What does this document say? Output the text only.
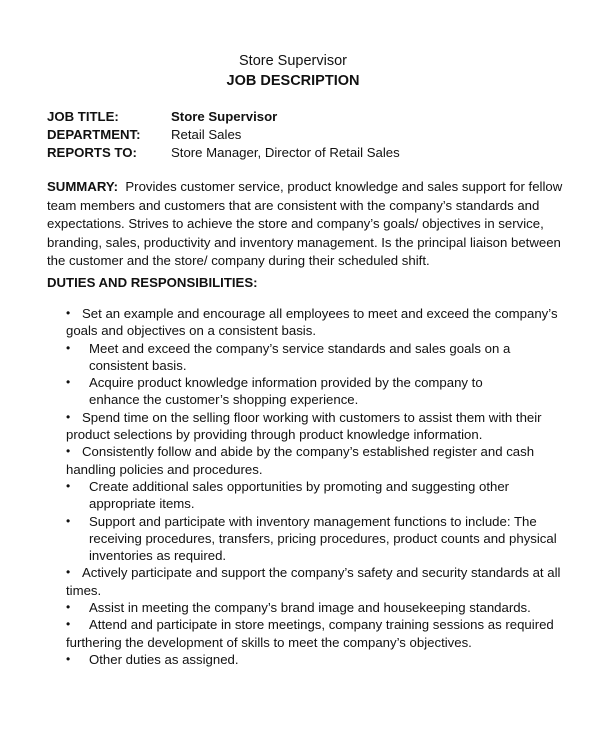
Store Supervisor
JOB DESCRIPTION
JOB TITLE:	Store Supervisor
DEPARTMENT:	Retail Sales
REPORTS TO:	Store Manager, Director of Retail Sales
SUMMARY: Provides customer service, product knowledge and sales support for fellow
team members and customers that are consistent with the company’s standards and
expectations. Strives to achieve the store and company’s goals/ objectives in service,
branding, sales, productivity and inventory management. Is the principal liaison between
the customer and the store/ company during their scheduled shift.
DUTIES AND RESPONSIBILITIES:
• Set an example and encourage all employees to meet and exceed the company’s
goals and objectives on a consistent basis.
• Meet and exceed the company’s service standards and sales goals on a
consistent basis.
• Acquire product knowledge information provided by the company to
enhance the customer’s shopping experience.
• Spend time on the selling floor working with customers to assist them with their
product selections by providing through product knowledge information.
• Consistently follow and abide by the company’s established register and cash
handling policies and procedures.
• Create additional sales opportunities by promoting and suggesting other
appropriate items.
• Support and participate with inventory management functions to include: The
receiving procedures, transfers, pricing procedures, product counts and physical
inventories as required.
• Actively participate and support the company’s safety and security standards at all
times.
• Assist in meeting the company’s brand image and housekeeping standards.
• Attend and participate in store meetings, company training sessions as required
furthering the development of skills to meet the company’s objectives.
• Other duties as assigned.
